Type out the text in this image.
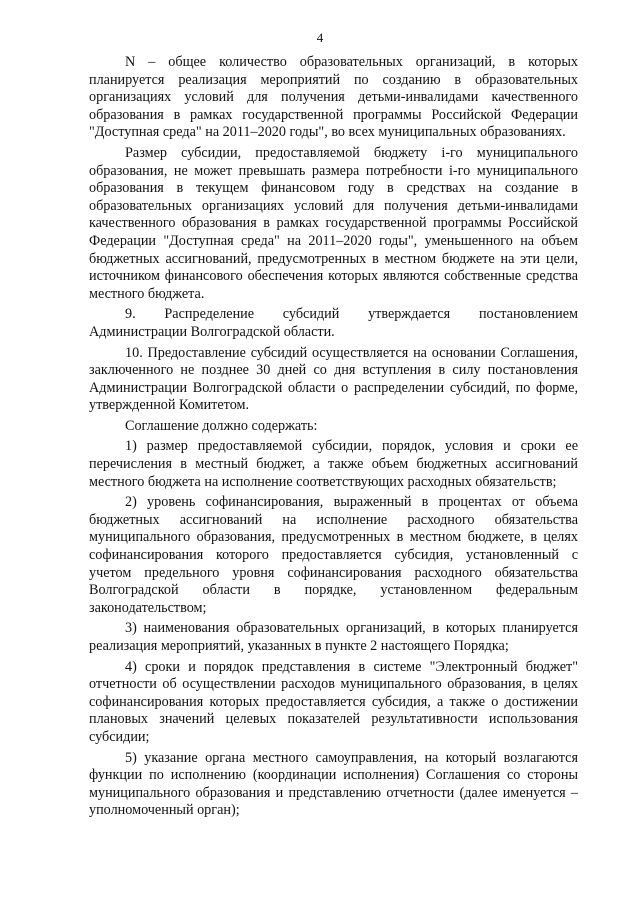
4

N – общее количество образовательных организаций, в которых планируется реализация мероприятий по созданию в образовательных организациях условий для получения детьми-инвалидами качественного образования в рамках государственной программы Российской Федерации "Доступная среда" на 2011–2020 годы", во всех муниципальных образованиях.

Размер субсидии, предоставляемой бюджету i-го муниципального образования, не может превышать размера потребности i-го муниципального образования в текущем финансовом году в средствах на создание в образовательных организациях условий для получения детьми-инвалидами качественного образования в рамках государственной программы Российской Федерации "Доступная среда" на 2011–2020 годы", уменьшенного на объем бюджетных ассигнований, предусмотренных в местном бюджете на эти цели, источником финансового обеспечения которых являются собственные средства местного бюджета.

9. Распределение субсидий утверждается постановлением Администрации Волгоградской области.

10. Предоставление субсидий осуществляется на основании Соглашения, заключенного не позднее 30 дней со дня вступления в силу постановления Администрации Волгоградской области о распределении субсидий, по форме, утвержденной Комитетом.

Соглашение должно содержать:

1) размер предоставляемой субсидии, порядок, условия и сроки ее перечисления в местный бюджет, а также объем бюджетных ассигнований местного бюджета на исполнение соответствующих расходных обязательств;

2) уровень софинансирования, выраженный в процентах от объема бюджетных ассигнований на исполнение расходного обязательства муниципального образования, предусмотренных в местном бюджете, в целях софинансирования которого предоставляется субсидия, установленный с учетом предельного уровня софинансирования расходного обязательства Волгоградской области в порядке, установленном федеральным законодательством;

3) наименования образовательных организаций, в которых планируется реализация мероприятий, указанных в пункте 2 настоящего Порядка;

4) сроки и порядок представления в системе "Электронный бюджет" отчетности об осуществлении расходов муниципального образования, в целях софинансирования которых предоставляется субсидия, а также о достижении плановых значений целевых показателей результативности использования субсидии;

5) указание органа местного самоуправления, на который возлагаются функции по исполнению (координации исполнения) Соглашения со стороны муниципального образования и представлению отчетности (далее именуется – уполномоченный орган);
